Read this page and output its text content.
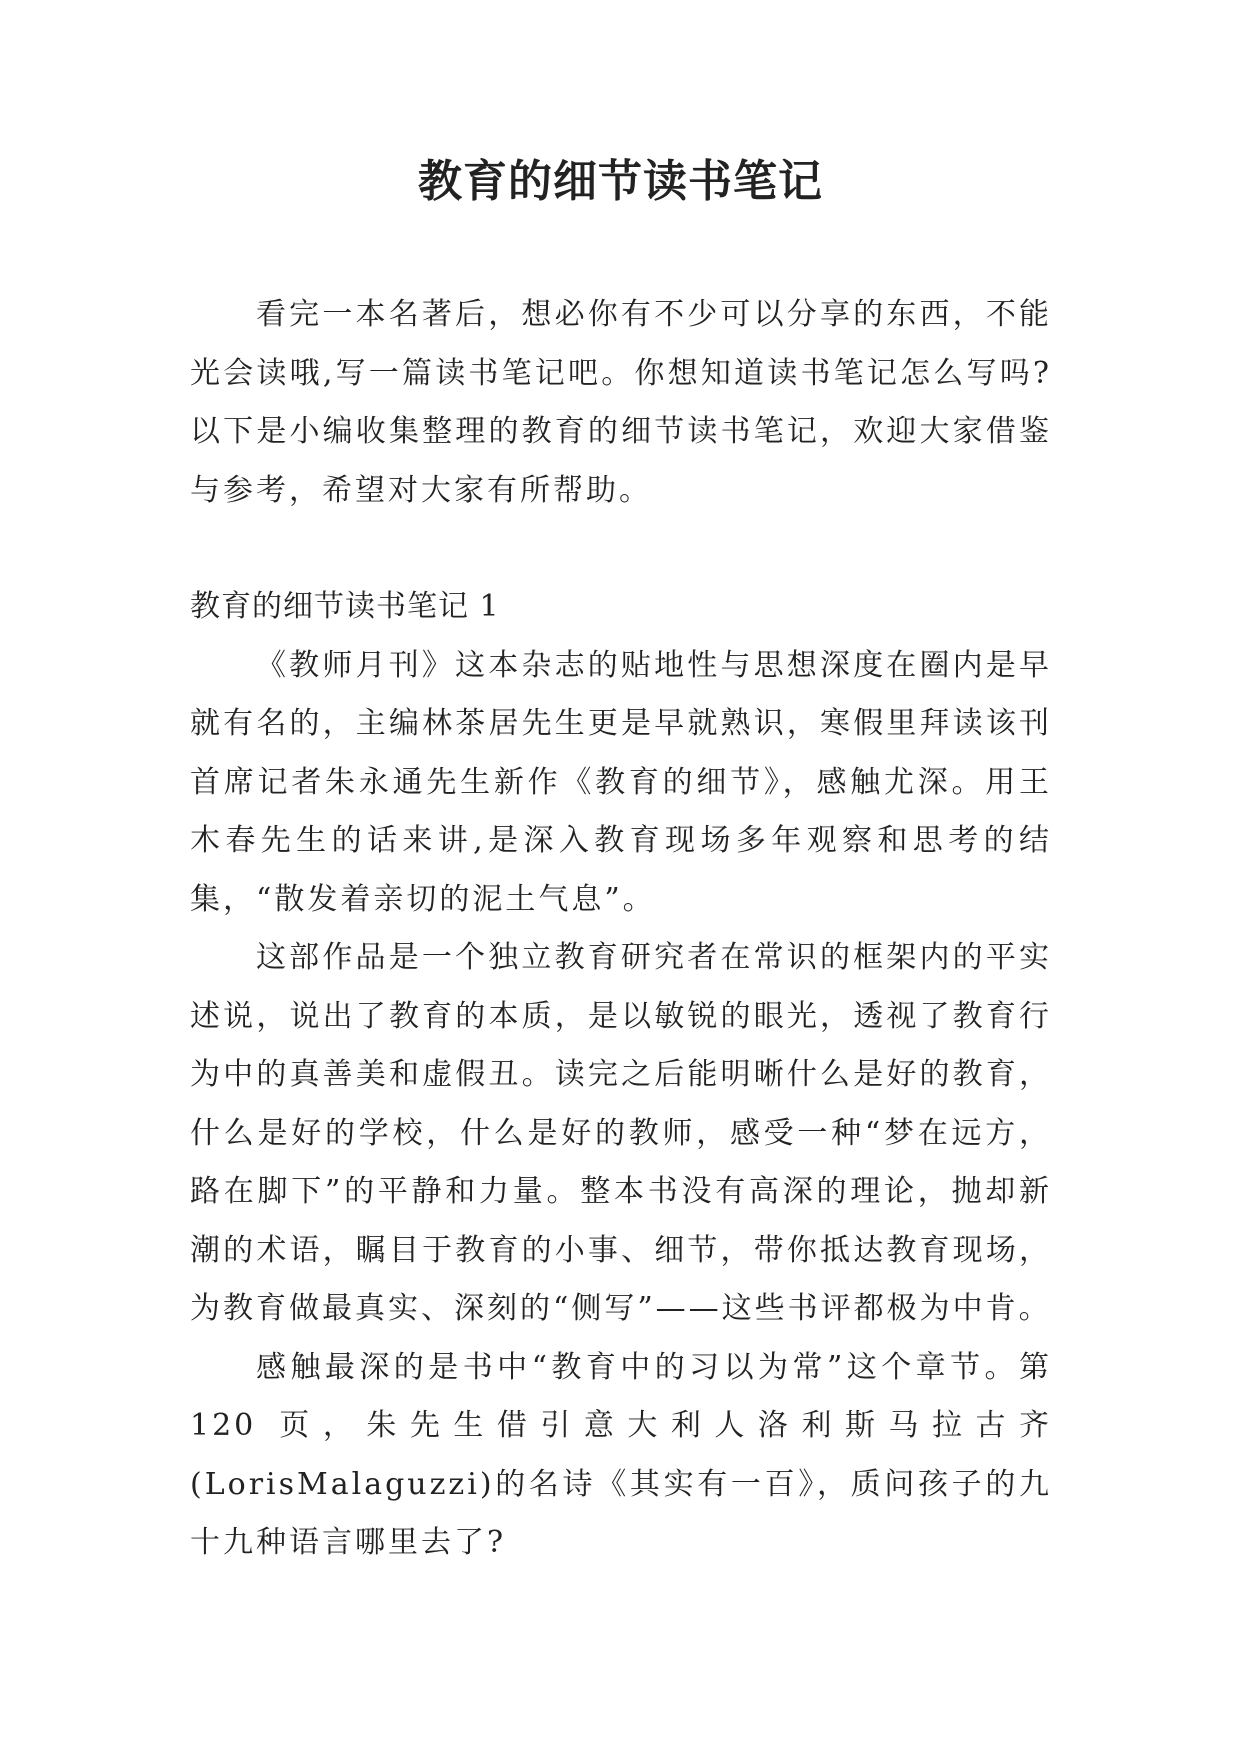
教育的细节读书笔记

看完一本名著后，想必你有不少可以分享的东西，不能光会读哦,写一篇读书笔记吧。你想知道读书笔记怎么写吗?以下是小编收集整理的教育的细节读书笔记，欢迎大家借鉴与参考，希望对大家有所帮助。

教育的细节读书笔记 1

《教师月刊》这本杂志的贴地性与思想深度在圈内是早就有名的，主编林茶居先生更是早就熟识，寒假里拜读该刊首席记者朱永通先生新作《教育的细节》，感触尤深。用王木春先生的话来讲,是深入教育现场多年观察和思考的结集，“散发着亲切的泥土气息”。

这部作品是一个独立教育研究者在常识的框架内的平实述说，说出了教育的本质，是以敏锐的眼光，透视了教育行为中的真善美和虚假丑。读完之后能明晰什么是好的教育，什么是好的学校，什么是好的教师，感受一种“梦在远方，路在脚下”的平静和力量。整本书没有高深的理论，抛却新潮的术语，瞩目于教育的小事、细节，带你抵达教育现场，为教育做最真实、深刻的“侧写”——这些书评都极为中肯。

感触最深的是书中“教育中的习以为常”这个章节。第 120 页，朱先生借引意大利人洛利斯马拉古齐(LorisMalaguzzi)的名诗《其实有一百》，质问孩子的九十九种语言哪里去了?
